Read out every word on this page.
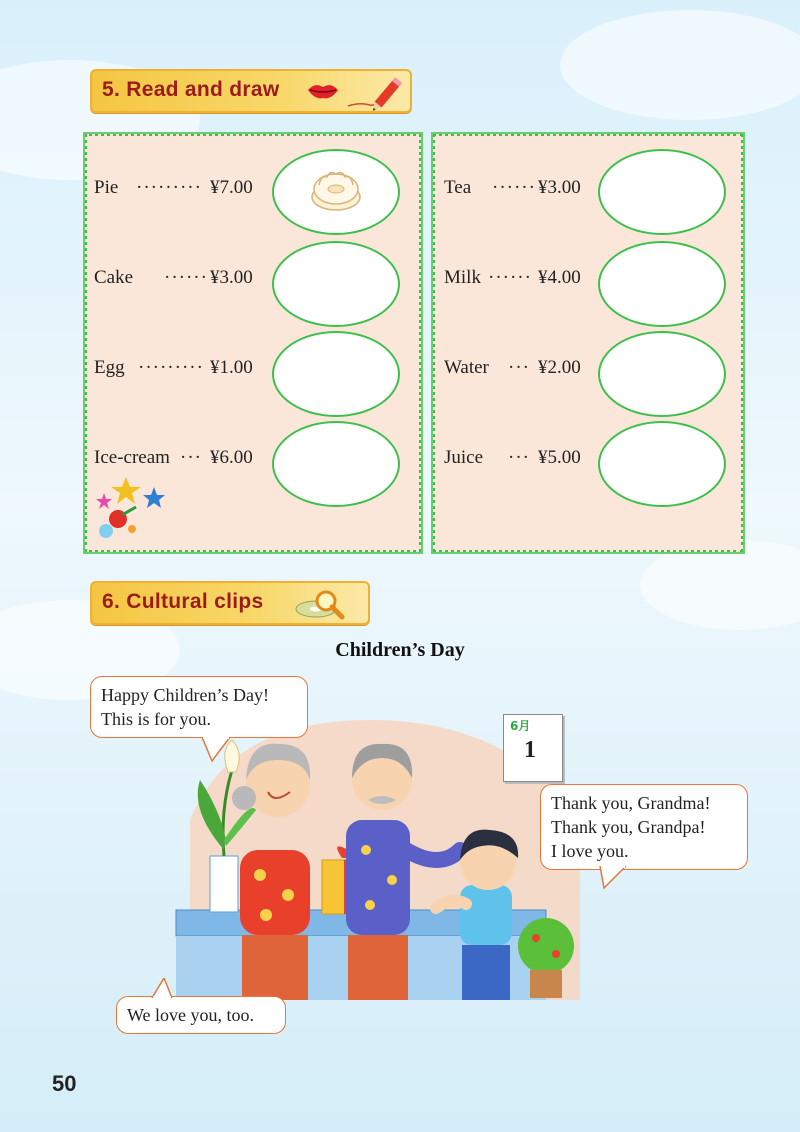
5. Read and draw
Pie ········· ¥7.00
Cake ······ ¥3.00
Egg ········· ¥1.00
Ice-cream ··· ¥6.00
Tea ······ ¥3.00
Milk ······ ¥4.00
Water ··· ¥2.00
Juice ··· ¥5.00
6. Cultural clips
Children’s Day
6月
1
Happy Children’s Day!
This is for you.
Thank you, Grandma!
Thank you, Grandpa!
I love you.
We love you, too.
50
